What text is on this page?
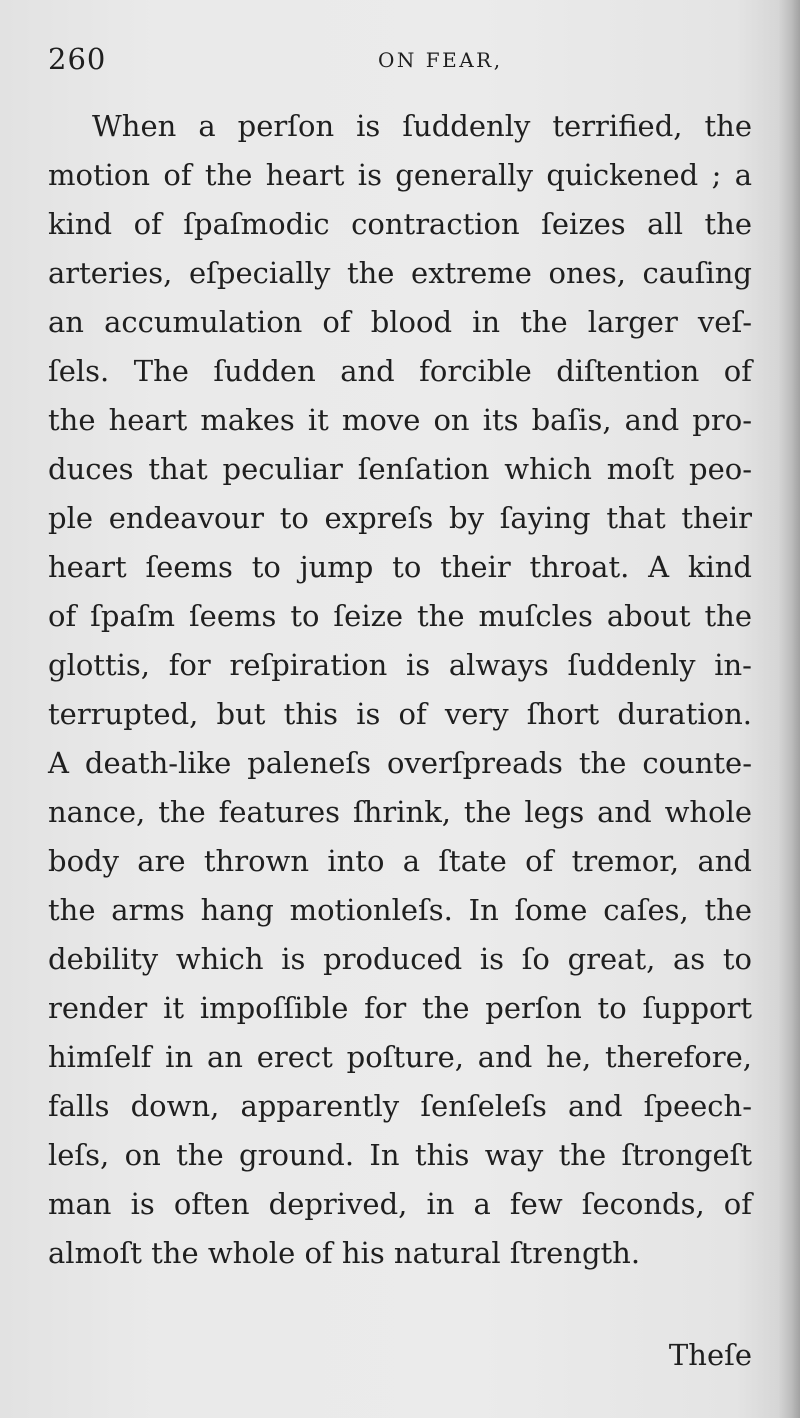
260	ON FEAR,
When a perſon is ſuddenly terrified, the
motion of the heart is generally quickened ; a
kind of ſpaſmodic contraction ſeizes all the
arteries, eſpecially the extreme ones, cauſing
an accumulation of blood in the larger veſ-
ſels. The ſudden and forcible diſtention of
the heart makes it move on its baſis, and pro-
duces that peculiar ſenſation which moſt peo-
ple endeavour to expreſs by ſaying that their
heart ſeems to jump to their throat. A kind
of ſpaſm ſeems to ſeize the muſcles about the
glottis, for reſpiration is always ſuddenly in-
terrupted, but this is of very ſhort duration.
A death-like paleneſs overſpreads the counte-
nance, the features ſhrink, the legs and whole
body are thrown into a ſtate of tremor, and
the arms hang motionleſs. In ſome caſes, the
debility which is produced is ſo great, as to
render it impoſſible for the perſon to ſupport
himſelf in an erect poſture, and he, therefore,
falls down, apparently ſenſeleſs and ſpeech-
leſs, on the ground. In this way the ſtrongeſt
man is often deprived, in a few ſeconds, of
almoſt the whole of his natural ſtrength.
Theſe
